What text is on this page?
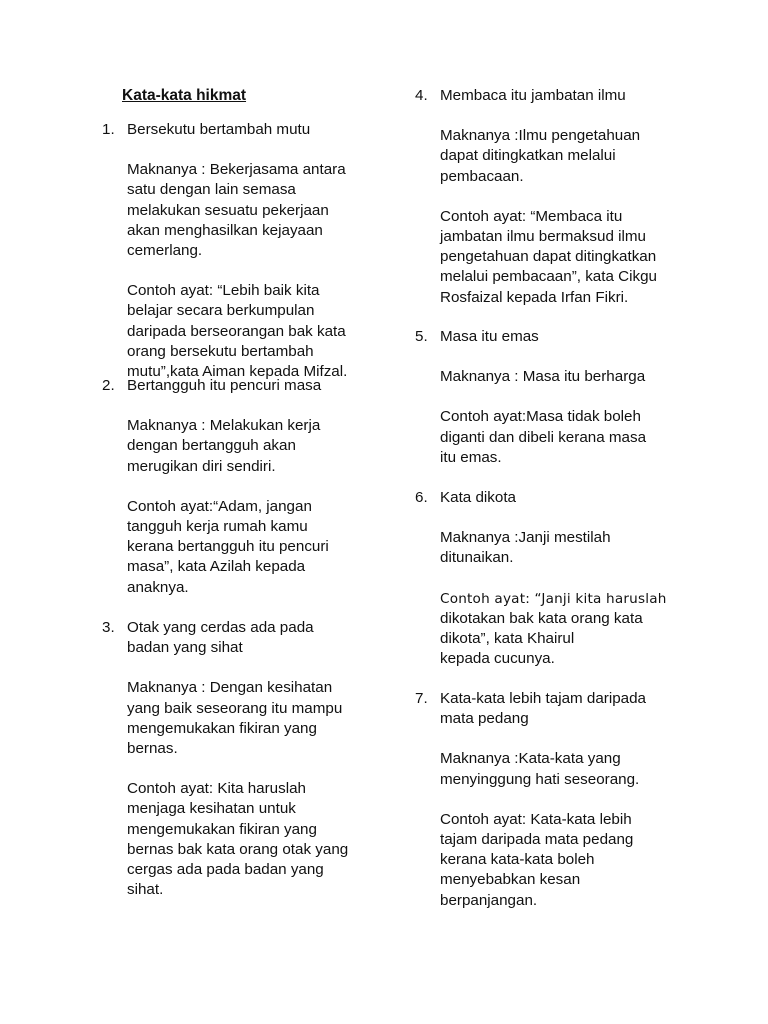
Kata-kata hikmat
1. Bersekutu bertambah mutu
Maknanya : Bekerjasama antara
satu dengan lain semasa
melakukan sesuatu pekerjaan
akan menghasilkan kejayaan
cemerlang.
Contoh ayat: “Lebih baik kita
belajar secara berkumpulan
daripada berseorangan bak kata
orang bersekutu bertambah
mutu”,kata Aiman kepada Mifzal.
2. Bertangguh itu pencuri masa
Maknanya : Melakukan kerja
dengan bertangguh akan
merugikan diri sendiri.
Contoh ayat:“Adam, jangan
tangguh kerja rumah kamu
kerana bertangguh itu pencuri
masa”, kata Azilah kepada
anaknya.
3. Otak yang cerdas ada pada
badan yang sihat
Maknanya : Dengan kesihatan
yang baik seseorang itu mampu
mengemukakan fikiran yang
bernas.
Contoh ayat: Kita haruslah
menjaga kesihatan untuk
mengemukakan fikiran yang
bernas bak kata orang otak yang
cergas ada pada badan yang
sihat.
4. Membaca itu jambatan ilmu
Maknanya :Ilmu pengetahuan
dapat ditingkatkan melalui
pembacaan.
Contoh ayat: “Membaca itu
jambatan ilmu bermaksud ilmu
pengetahuan dapat ditingkatkan
melalui pembacaan”, kata Cikgu
Rosfaizal kepada Irfan Fikri.
5. Masa itu emas
Maknanya : Masa itu berharga
Contoh ayat:Masa tidak boleh
diganti dan dibeli kerana masa
itu emas.
6. Kata dikota
Maknanya :Janji mestilah
ditunaikan.
Contoh ayat: “Janji kita haruslah
dikotakan bak kata orang kata
dikota”, kata Khairul
kepada cucunya.
7. Kata-kata lebih tajam daripada
mata pedang
Maknanya :Kata-kata yang
menyinggung hati seseorang.
Contoh ayat: Kata-kata lebih
tajam daripada mata pedang
kerana kata-kata boleh
menyebabkan kesan
berpanjangan.
